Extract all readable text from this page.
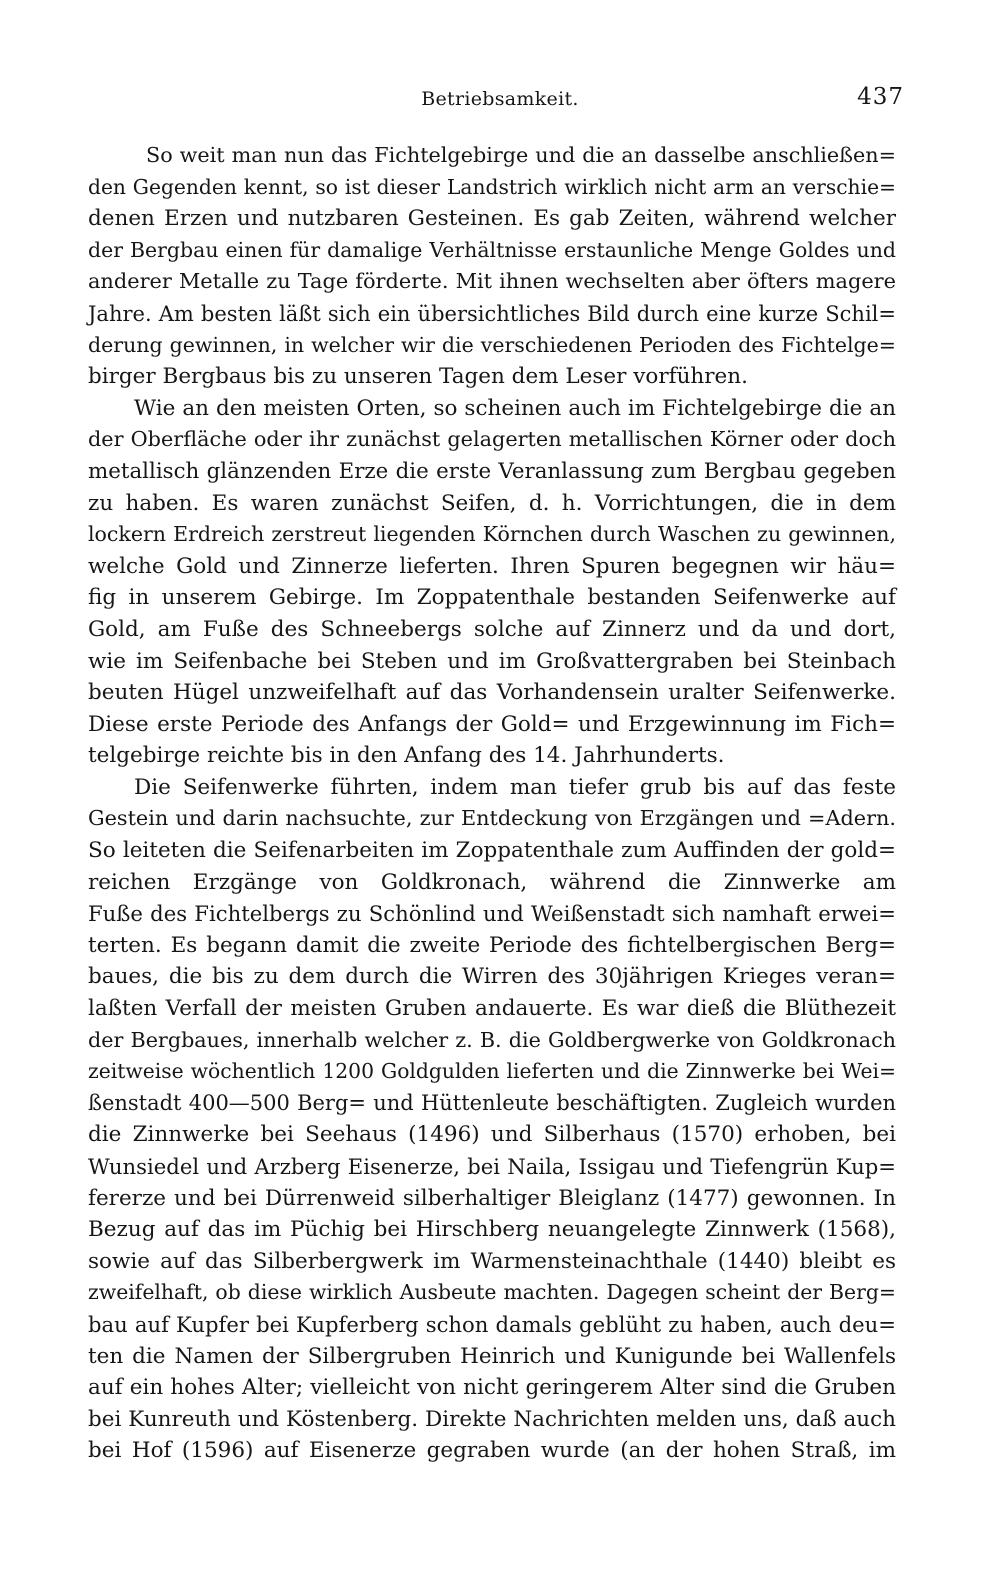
Betriebsamkeit.	437
So weit man nun das Fichtelgebirge und die an dasselbe anschließen=
den Gegenden kennt, so ist dieser Landstrich wirklich nicht arm an verschie=
denen Erzen und nutzbaren Gesteinen. Es gab Zeiten, während welcher
der Bergbau einen für damalige Verhältnisse erstaunliche Menge Goldes und
anderer Metalle zu Tage förderte. Mit ihnen wechselten aber öfters magere
Jahre. Am besten läßt sich ein übersichtliches Bild durch eine kurze Schil=
derung gewinnen, in welcher wir die verschiedenen Perioden des Fichtelge=
birger Bergbaus bis zu unseren Tagen dem Leser vorführen.
Wie an den meisten Orten, so scheinen auch im Fichtelgebirge die an
der Oberfläche oder ihr zunächst gelagerten metallischen Körner oder doch
metallisch glänzenden Erze die erste Veranlassung zum Bergbau gegeben
zu haben. Es waren zunächst Seifen, d. h. Vorrichtungen, die in dem
lockern Erdreich zerstreut liegenden Körnchen durch Waschen zu gewinnen,
welche Gold und Zinnerze lieferten. Ihren Spuren begegnen wir häu=
fig in unserem Gebirge. Im Zoppatenthale bestanden Seifenwerke auf
Gold, am Fuße des Schneebergs solche auf Zinnerz und da und dort,
wie im Seifenbache bei Steben und im Großvattergraben bei Steinbach
beuten Hügel unzweifelhaft auf das Vorhandensein uralter Seifenwerke.
Diese erste Periode des Anfangs der Gold= und Erzgewinnung im Fich=
telgebirge reichte bis in den Anfang des 14. Jahrhunderts.
Die Seifenwerke führten, indem man tiefer grub bis auf das feste
Gestein und darin nachsuchte, zur Entdeckung von Erzgängen und =Adern.
So leiteten die Seifenarbeiten im Zoppatenthale zum Auffinden der gold=
reichen Erzgänge von Goldkronach, während die Zinnwerke am
Fuße des Fichtelbergs zu Schönlind und Weißenstadt sich namhaft erwei=
terten. Es begann damit die zweite Periode des fichtelbergischen Berg=
baues, die bis zu dem durch die Wirren des 30jährigen Krieges veran=
laßten Verfall der meisten Gruben andauerte. Es war dieß die Blüthezeit
der Bergbaues, innerhalb welcher z. B. die Goldbergwerke von Goldkronach
zeitweise wöchentlich 1200 Goldgulden lieferten und die Zinnwerke bei Wei=
ßenstadt 400—500 Berg= und Hüttenleute beschäftigten. Zugleich wurden
die Zinnwerke bei Seehaus (1496) und Silberhaus (1570) erhoben, bei
Wunsiedel und Arzberg Eisenerze, bei Naila, Issigau und Tiefengrün Kup=
fererze und bei Dürrenweid silberhaltiger Bleiglanz (1477) gewonnen. In
Bezug auf das im Püchig bei Hirschberg neuangelegte Zinnwerk (1568),
sowie auf das Silberbergwerk im Warmensteinachthale (1440) bleibt es
zweifelhaft, ob diese wirklich Ausbeute machten. Dagegen scheint der Berg=
bau auf Kupfer bei Kupferberg schon damals geblüht zu haben, auch deu=
ten die Namen der Silbergruben Heinrich und Kunigunde bei Wallenfels
auf ein hohes Alter; vielleicht von nicht geringerem Alter sind die Gruben
bei Kunreuth und Köstenberg. Direkte Nachrichten melden uns, daß auch
bei Hof (1596) auf Eisenerze gegraben wurde (an der hohen Straß, im
